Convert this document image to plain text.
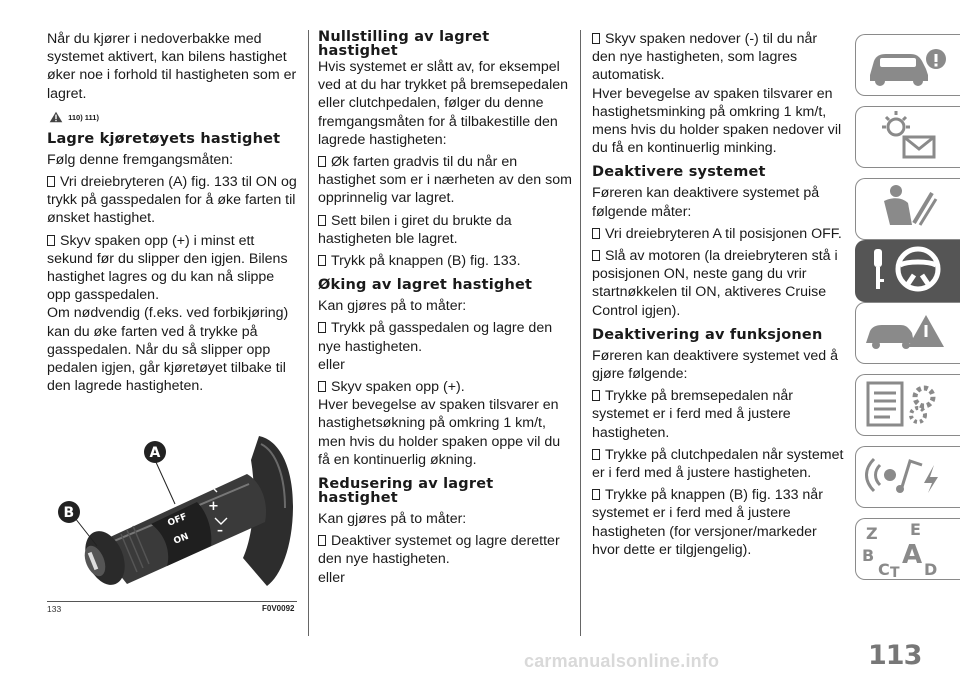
Når du kjører i nedoverbakke med systemet aktivert, kan bilens hastighet øker noe i forhold til hastigheten som er lagret.

110) 111)
Lagre kjøretøyets hastighet

Følg denne fremgangsmåten:

Vri dreiebryteren (A) fig. 133 til ON og trykk på gasspedalen for å øke farten til ønsket hastighet.

Skyv spaken opp (+) i minst ett sekund før du slipper den igjen. Bilens hastighet lagres og du kan nå slippe opp gasspedalen.

Om nødvendig (f.eks. ved forbikjøring) kan du øke farten ved å trykke på gasspedalen. Når du så slipper opp pedalen igjen, går kjøretøyet tilbake til den lagrede hastigheten.

OFF
ON
+
–
A
B
133	F0V0092
Nullstilling av lagret hastighet

Hvis systemet er slått av, for eksempel ved at du har trykket på bremsepedalen eller clutchpedalen, følger du denne fremgangsmåten for å tilbakestille den lagrede hastigheten:

Øk farten gradvis til du når en hastighet som er i nærheten av den som opprinnelig var lagret.

Sett bilen i giret du brukte da hastigheten ble lagret.

Trykk på knappen (B) fig. 133.

Øking av lagret hastighet

Kan gjøres på to måter:

Trykk på gasspedalen og lagre den nye hastigheten.

eller

Skyv spaken opp (+).

Hver bevegelse av spaken tilsvarer en hastighetsøkning på omkring 1 km/t, men hvis du holder spaken oppe vil du få en kontinuerlig økning.

Redusering av lagret hastighet

Kan gjøres på to måter:

Deaktiver systemet og lagre deretter den nye hastigheten.

eller

Skyv spaken nedover (-) til du når den nye hastigheten, som lagres automatisk.

Hver bevegelse av spaken tilsvarer en hastighetsminking på omkring 1 km/t, mens hvis du holder spaken nedover vil du få en kontinuerlig minking.

Deaktivere systemet

Føreren kan deaktivere systemet på følgende måter:

Vri dreiebryteren A til posisjonen OFF.

Slå av motoren (la dreiebryteren stå i posisjonen ON, neste gang du vrir startnøkkelen til ON, aktiveres Cruise Control igjen).

Deaktivering av funksjonen

Føreren kan deaktivere systemet ved å gjøre følgende:

Trykke på bremsepedalen når systemet er i ferd med å justere hastigheten.

Trykke på clutchpedalen når systemet er i ferd med å justere hastigheten.

Trykke på knappen (B) fig. 133 når systemet er i ferd med å justere hastigheten (for versjoner/markeder hvor dette er tilgjengelig).

Z E
B A
C T D
113
carmanualsonline.info
